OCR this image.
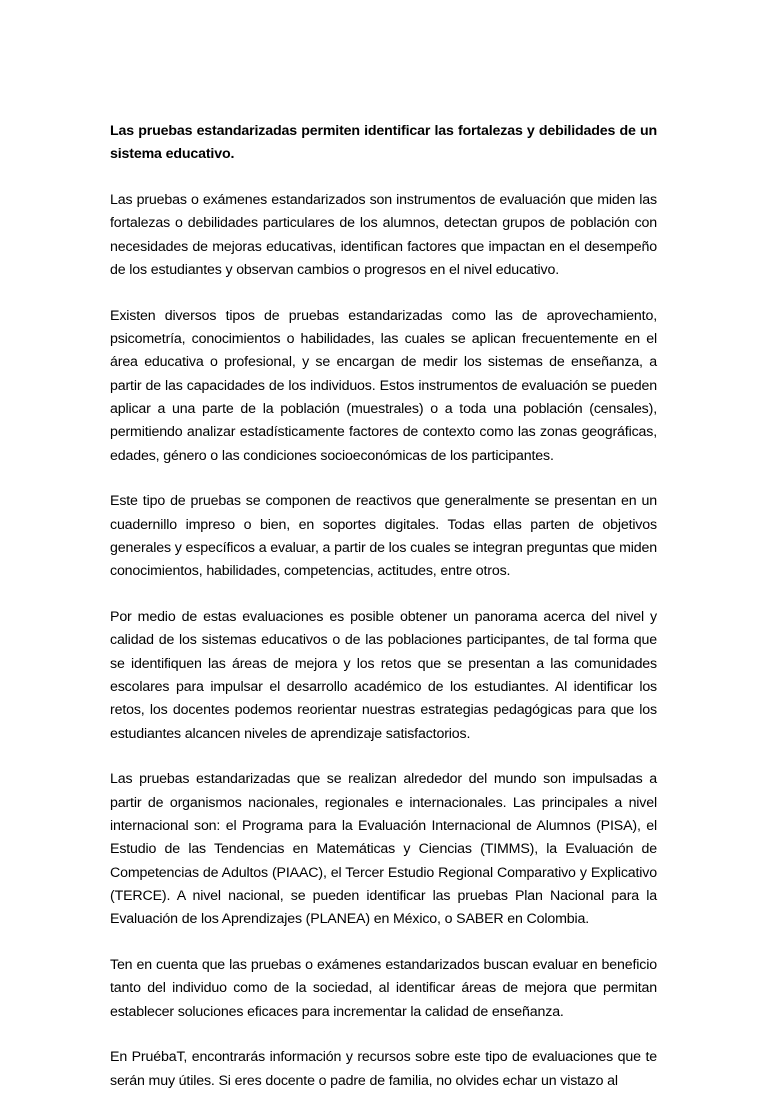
Las pruebas estandarizadas permiten identificar las fortalezas y debilidades de un sistema educativo.

Las pruebas o exámenes estandarizados son instrumentos de evaluación que miden las fortalezas o debilidades particulares de los alumnos, detectan grupos de población con necesidades de mejoras educativas, identifican factores que impactan en el desempeño de los estudiantes y observan cambios o progresos en el nivel educativo.

Existen diversos tipos de pruebas estandarizadas como las de aprovechamiento, psicometría, conocimientos o habilidades, las cuales se aplican frecuentemente en el área educativa o profesional, y se encargan de medir los sistemas de enseñanza, a partir de las capacidades de los individuos. Estos instrumentos de evaluación se pueden aplicar a una parte de la población (muestrales) o a toda una población (censales), permitiendo analizar estadísticamente factores de contexto como las zonas geográficas, edades, género o las condiciones socioeconómicas de los participantes.

Este tipo de pruebas se componen de reactivos que generalmente se presentan en un cuadernillo impreso o bien, en soportes digitales. Todas ellas parten de objetivos generales y específicos a evaluar, a partir de los cuales se integran preguntas que miden conocimientos, habilidades, competencias, actitudes, entre otros.

Por medio de estas evaluaciones es posible obtener un panorama acerca del nivel y calidad de los sistemas educativos o de las poblaciones participantes, de tal forma que se identifiquen las áreas de mejora y los retos que se presentan a las comunidades escolares para impulsar el desarrollo académico de los estudiantes. Al identificar los retos, los docentes podemos reorientar nuestras estrategias pedagógicas para que los estudiantes alcancen niveles de aprendizaje satisfactorios.

Las pruebas estandarizadas que se realizan alrededor del mundo son impulsadas a partir de organismos nacionales, regionales e internacionales. Las principales a nivel internacional son: el Programa para la Evaluación Internacional de Alumnos (PISA), el Estudio de las Tendencias en Matemáticas y Ciencias (TIMMS), la Evaluación de Competencias de Adultos (PIAAC), el Tercer Estudio Regional Comparativo y Explicativo (TERCE). A nivel nacional, se pueden identificar las pruebas Plan Nacional para la Evaluación de los Aprendizajes (PLANEA) en México, o SABER en Colombia.

Ten en cuenta que las pruebas o exámenes estandarizados buscan evaluar en beneficio tanto del individuo como de la sociedad, al identificar áreas de mejora que permitan establecer soluciones eficaces para incrementar la calidad de enseñanza.

En PruébaT, encontrarás información y recursos sobre este tipo de evaluaciones que te serán muy útiles. Si eres docente o padre de familia, no olvides echar un vistazo al
